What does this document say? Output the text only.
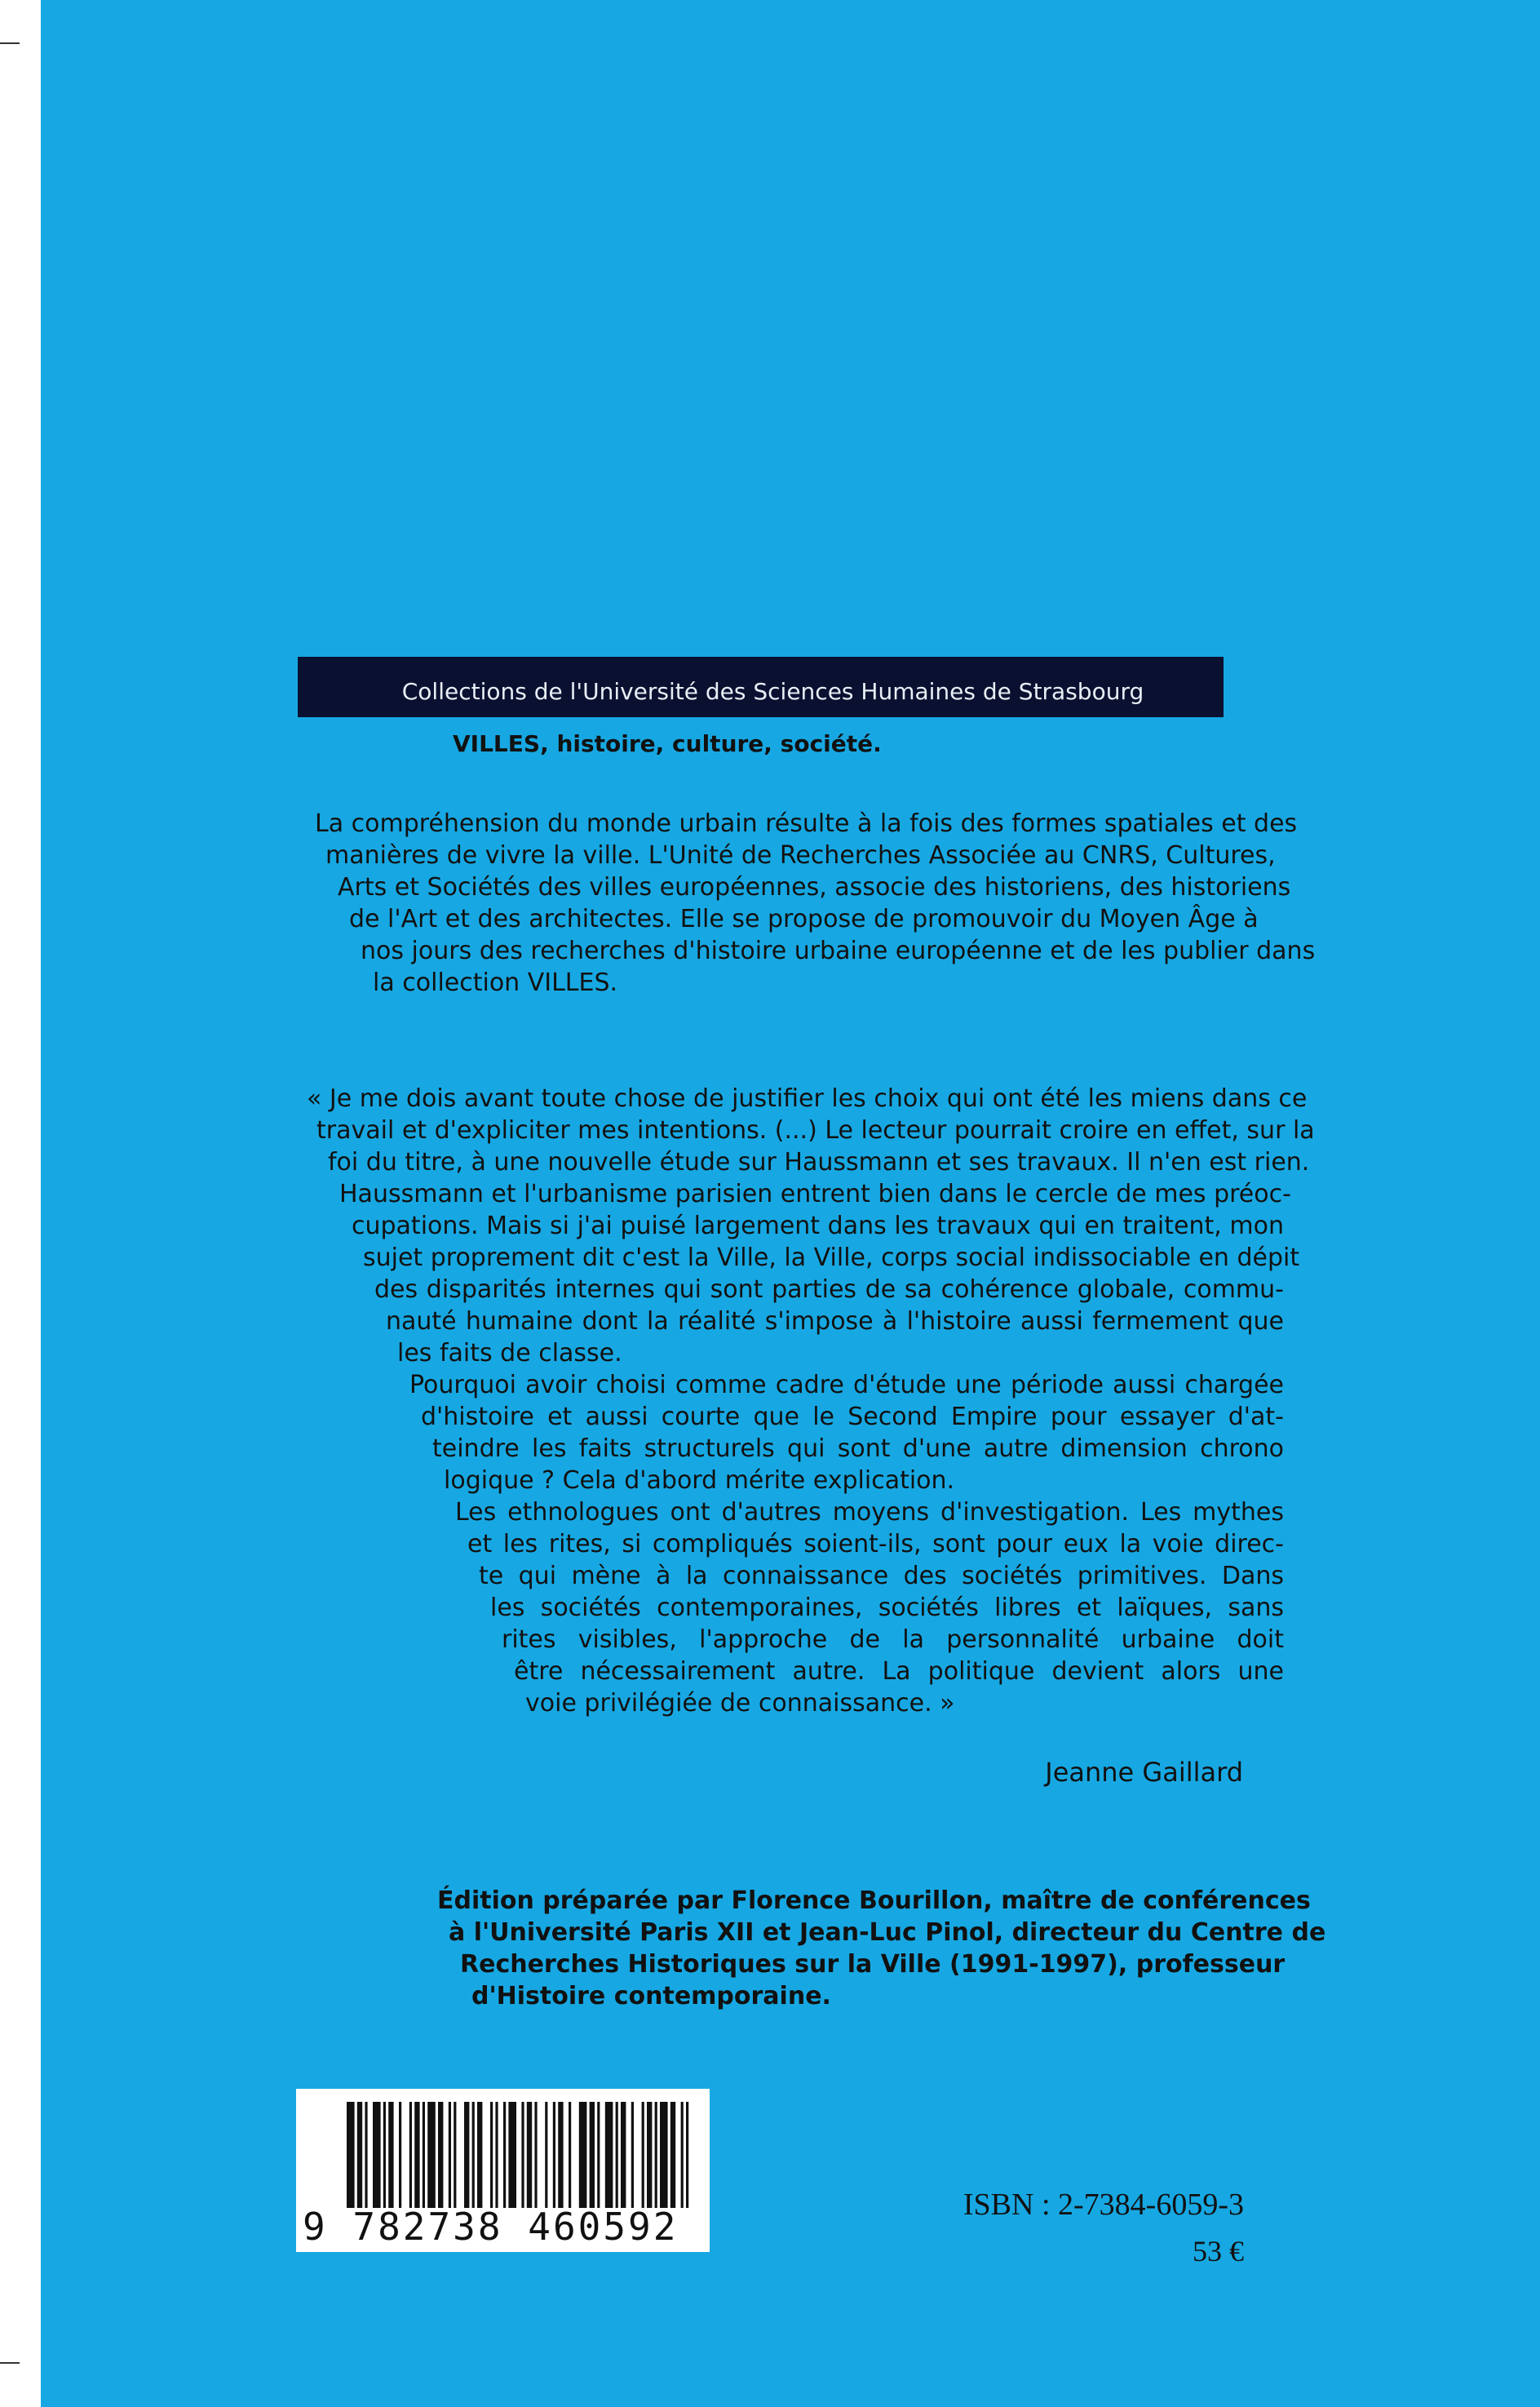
Collections de l'Université des Sciences Humaines de Strasbourg
VILLES, histoire, culture, société.
La compréhension du monde urbain résulte à la fois des formes spatiales et des
manières de vivre la ville. L'Unité de Recherches Associée au CNRS, Cultures,
Arts et Sociétés des villes européennes, associe des historiens, des historiens
de l'Art et des architectes. Elle se propose de promouvoir du Moyen Âge à
nos jours des recherches d'histoire urbaine européenne et de les publier dans
la collection VILLES.
« Je me dois avant toute chose de justifier les choix qui ont été les miens dans ce
travail et d'expliciter mes intentions. (...) Le lecteur pourrait croire en effet, sur la
foi du titre, à une nouvelle étude sur Haussmann et ses travaux. Il n'en est rien.
Haussmann et l'urbanisme parisien entrent bien dans le cercle de mes préoc-
cupations. Mais si j'ai puisé largement dans les travaux qui en traitent, mon
sujet proprement dit c'est la Ville, la Ville, corps social indissociable en dépit
des disparités internes qui sont parties de sa cohérence globale, commu-
nauté humaine dont la réalité s'impose à l'histoire aussi fermement que
les faits de classe.
Pourquoi avoir choisi comme cadre d'étude une période aussi chargée
d'histoire et aussi courte que le Second Empire pour essayer d'at-
teindre les faits structurels qui sont d'une autre dimension chrono
logique ? Cela d'abord mérite explication.
Les ethnologues ont d'autres moyens d'investigation. Les mythes
et les rites, si compliqués soient-ils, sont pour eux la voie direc-
te qui mène à la connaissance des sociétés primitives. Dans
les sociétés contemporaines, sociétés libres et laïques, sans
rites visibles, l'approche de la personnalité urbaine doit
être nécessairement autre. La politique devient alors une
voie privilégiée de connaissance. »
Jeanne Gaillard
Édition préparée par Florence Bourillon, maître de conférences
à l'Université Paris XII et Jean-Luc Pinol, directeur du Centre de
Recherches Historiques sur la Ville (1991-1997), professeur
d'Histoire contemporaine.
9 782738 460592	ISBN : 2-7384-6059-3
53 €
